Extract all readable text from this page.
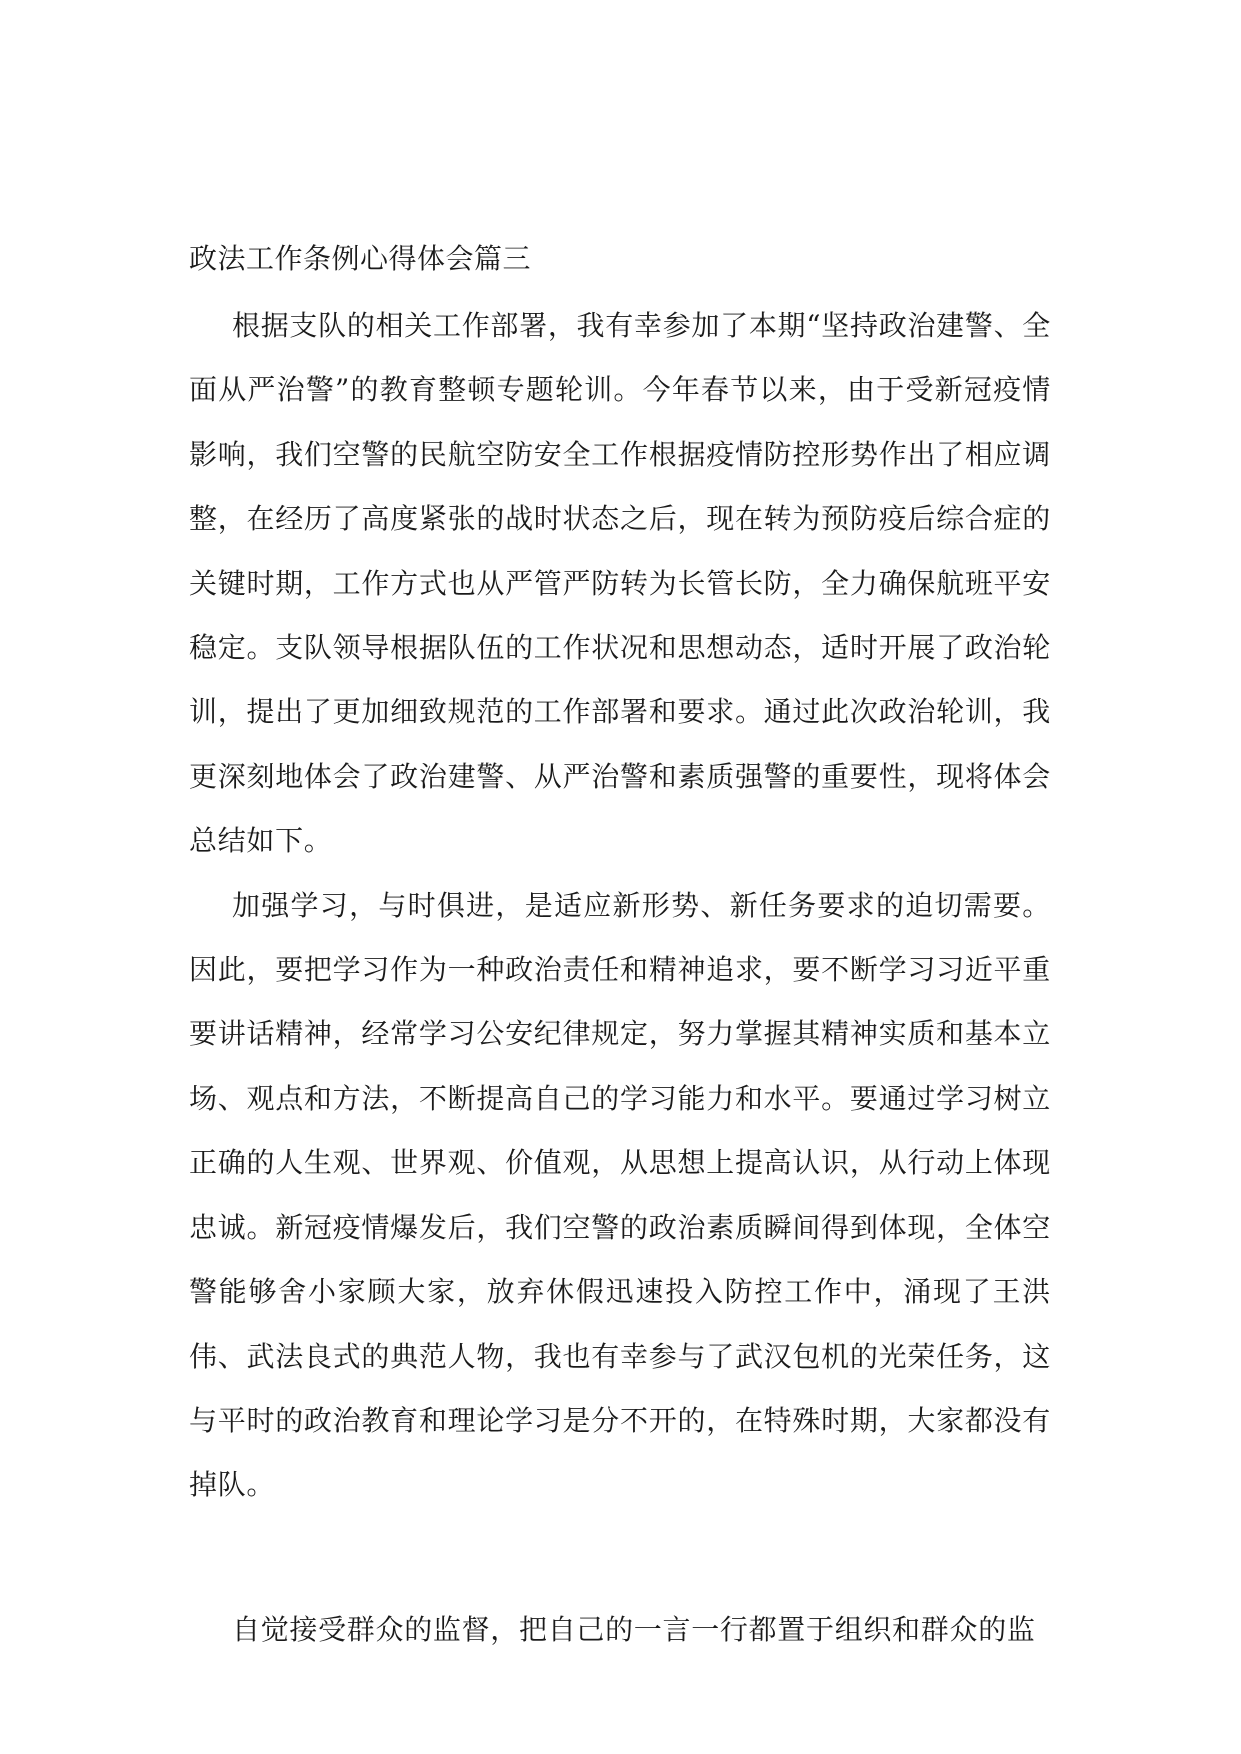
政法工作条例心得体会篇三

根据支队的相关工作部署，我有幸参加了本期“坚持政治建警、全面从严治警”的教育整顿专题轮训。今年春节以来，由于受新冠疫情影响，我们空警的民航空防安全工作根据疫情防控形势作出了相应调整，在经历了高度紧张的战时状态之后，现在转为预防疫后综合症的关键时期，工作方式也从严管严防转为长管长防，全力确保航班平安稳定。支队领导根据队伍的工作状况和思想动态，适时开展了政治轮训，提出了更加细致规范的工作部署和要求。通过此次政治轮训，我更深刻地体会了政治建警、从严治警和素质强警的重要性，现将体会总结如下。

加强学习，与时俱进，是适应新形势、新任务要求的迫切需要。因此，要把学习作为一种政治责任和精神追求，要不断学习习近平重要讲话精神，经常学习公安纪律规定，努力掌握其精神实质和基本立场、观点和方法，不断提高自己的学习能力和水平。要通过学习树立正确的人生观、世界观、价值观，从思想上提高认识，从行动上体现忠诚。新冠疫情爆发后，我们空警的政治素质瞬间得到体现，全体空警能够舍小家顾大家，放弃休假迅速投入防控工作中，涌现了王洪伟、武法良式的典范人物，我也有幸参与了武汉包机的光荣任务，这与平时的政治教育和理论学习是分不开的，在特殊时期，大家都没有掉队。

自觉接受群众的监督，把自己的一言一行都置于组织和群众的监
